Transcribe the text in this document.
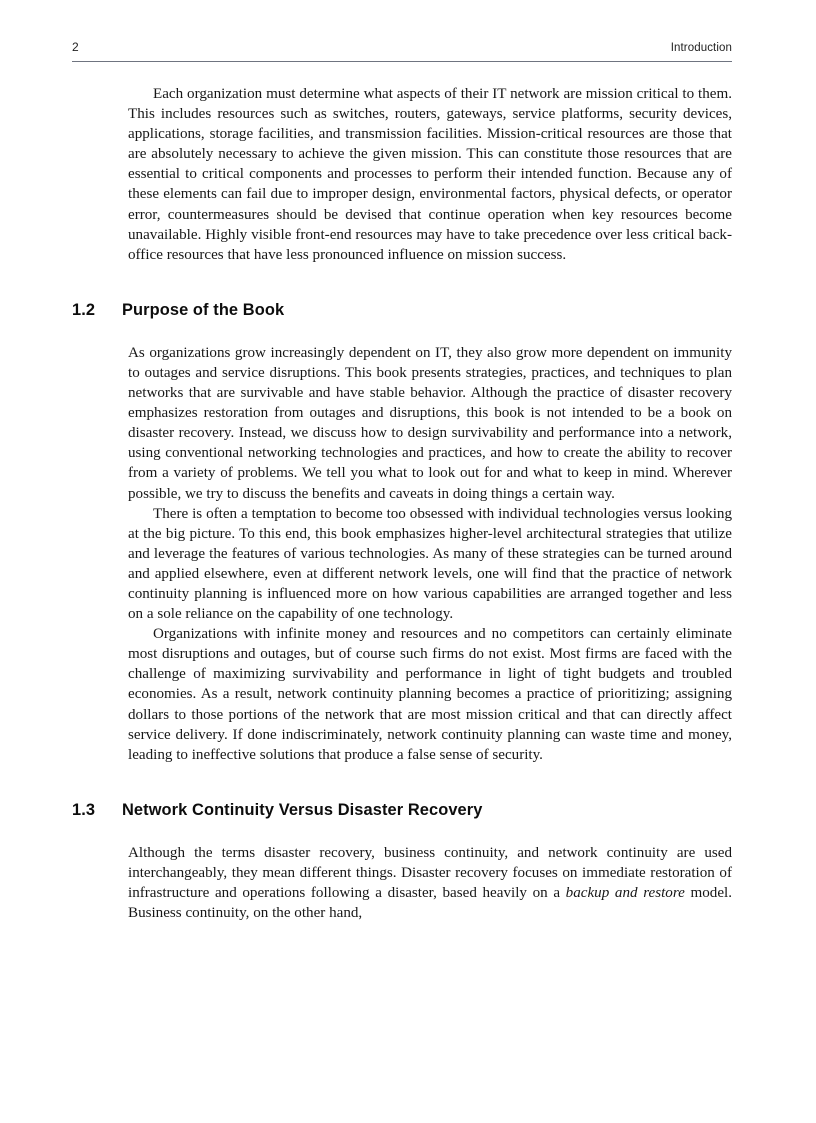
2	Introduction

Each organization must determine what aspects of their IT network are mission critical to them. This includes resources such as switches, routers, gateways, service platforms, security devices, applications, storage facilities, and transmission facilities. Mission-critical resources are those that are absolutely necessary to achieve the given mission. This can constitute those resources that are essential to critical components and processes to perform their intended function. Because any of these elements can fail due to improper design, environmental factors, physical defects, or operator error, countermeasures should be devised that continue operation when key resources become unavailable. Highly visible front-end resources may have to take precedence over less critical back-office resources that have less pronounced influence on mission success.

1.2	Purpose of the Book

As organizations grow increasingly dependent on IT, they also grow more dependent on immunity to outages and service disruptions. This book presents strategies, practices, and techniques to plan networks that are survivable and have stable behavior. Although the practice of disaster recovery emphasizes restoration from outages and disruptions, this book is not intended to be a book on disaster recovery. Instead, we discuss how to design survivability and performance into a network, using conventional networking technologies and practices, and how to create the ability to recover from a variety of problems. We tell you what to look out for and what to keep in mind. Wherever possible, we try to discuss the benefits and caveats in doing things a certain way.

There is often a temptation to become too obsessed with individual technologies versus looking at the big picture. To this end, this book emphasizes higher-level architectural strategies that utilize and leverage the features of various technologies. As many of these strategies can be turned around and applied elsewhere, even at different network levels, one will find that the practice of network continuity planning is influenced more on how various capabilities are arranged together and less on a sole reliance on the capability of one technology.

Organizations with infinite money and resources and no competitors can certainly eliminate most disruptions and outages, but of course such firms do not exist. Most firms are faced with the challenge of maximizing survivability and performance in light of tight budgets and troubled economies. As a result, network continuity planning becomes a practice of prioritizing; assigning dollars to those portions of the network that are most mission critical and that can directly affect service delivery. If done indiscriminately, network continuity planning can waste time and money, leading to ineffective solutions that produce a false sense of security.

1.3	Network Continuity Versus Disaster Recovery

Although the terms disaster recovery, business continuity, and network continuity are used interchangeably, they mean different things. Disaster recovery focuses on immediate restoration of infrastructure and operations following a disaster, based heavily on a backup and restore model. Business continuity, on the other hand,
